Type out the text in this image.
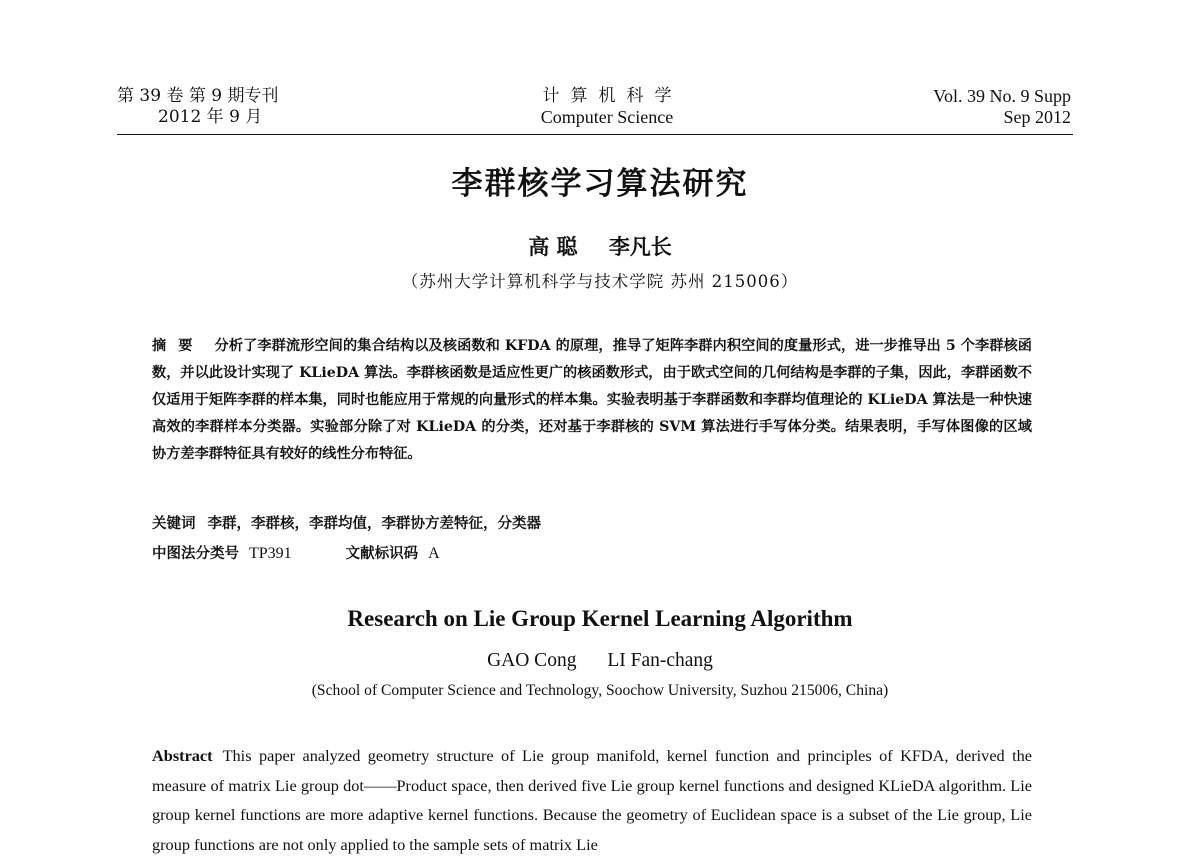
第 39 卷 第 9 期专刊
2012 年 9 月
计算机科学
Computer Science
Vol. 39 No. 9 Supp
Sep 2012
李群核学习算法研究
高 聪 李凡长
（苏州大学计算机科学与技术学院 苏州 215006）
摘要 分析了李群流形空间的集合结构以及核函数和 KFDA 的原理，推导了矩阵李群内积空间的度量形式，进一步推导出 5 个李群核函数，并以此设计实现了 KLieDA 算法。李群核函数是适应性更广的核函数形式，由于欧式空间的几何结构是李群的子集，因此，李群函数不仅适用于矩阵李群的样本集，同时也能应用于常规的向量形式的样本集。实验表明基于李群函数和李群均值理论的 KLieDA 算法是一种快速高效的李群样本分类器。实验部分除了对 KLieDA 的分类，还对基于李群核的 SVM 算法进行手写体分类。结果表明，手写体图像的区域协方差李群特征具有较好的线性分布特征。
关键词 李群，李群核，李群均值，李群协方差特征，分类器
中图法分类号 TP391	文献标识码 A
Research on Lie Group Kernel Learning Algorithm
GAO Cong LI Fan-chang
(School of Computer Science and Technology, Soochow University, Suzhou 215006, China)
Abstract This paper analyzed geometry structure of Lie group manifold, kernel function and principles of KFDA, derived the measure of matrix Lie group dot——Product space, then derived five Lie group kernel functions and designed KLieDA algorithm. Lie group kernel functions are more adaptive kernel functions. Because the geometry of Euclidean space is a subset of the Lie group, Lie group functions are not only applied to the sample sets of matrix Lie
